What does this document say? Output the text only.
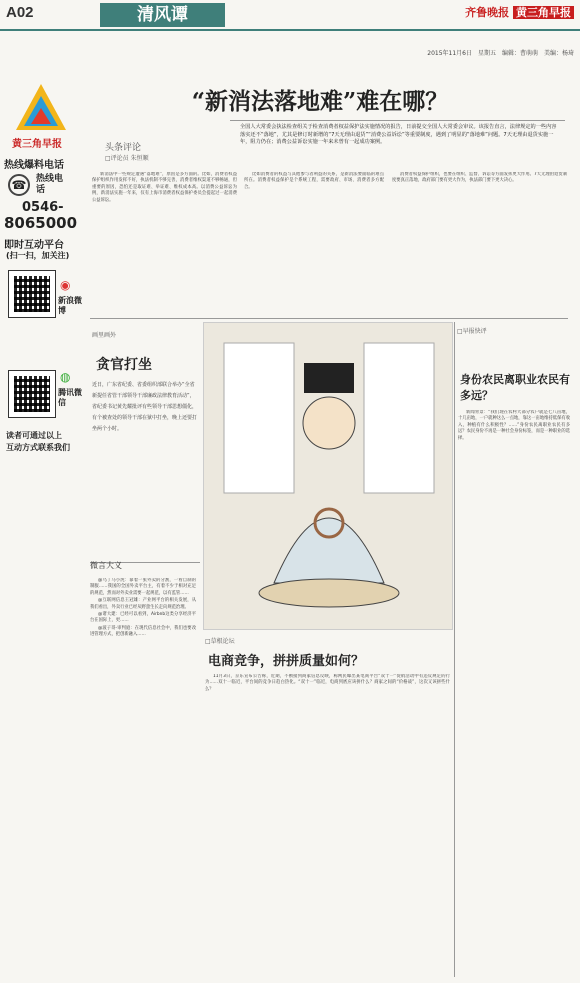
A02	清风谭	齐鲁晚报 黄三角早报
2015年11月6日　星期五　编辑：曹萌萌　美编：杨琦
黄三角早报
热线爆料电话
☎	热线电话
0546-
8065000
即时互动平台
(扫一扫，加关注)
◉
新浪微博
◍
腾讯微信
读者可通过以上
互动方式联系我们
“新消法落地难”难在哪？
全国人大常委会执法检查组关于检查消费者权益保护法实施情况的报告，日前提交全国人大常委会审议。该报告直言，法律规定的一些内容落实还不“落地”，尤其是修订时新增的“7天无理由退货”“消费公益诉讼”等重要制度，遇到了明显的“落地难”问题。7天无理由退货实施一年，阻力仍在；消费公益诉讼实施一年来未曾有一起成功案例。
头条评论
□评论员 朱恒顺

新消法中一些规定遭遇“落地难”，原因是多方面的。比如，消费者权益保护组织作用发挥不好，执法机制不够完善，消费者维权渠道不够畅通，但重要的原因，恐怕还是取证难、举证难、维权成本高。以消费公益诉讼为例，新消法实施一年来，仅有上海市消费者权益保护委员会提起过一起消费公益诉讼。

比如消费者的权益与其他参与者利益的关系，是新消法要面临的难点所在。消费者权益保护是个系统工程，需要政府、市场、消费者多方配合。

消费者权益保护组织，也要在组织、监督、诉讼等方面发挥更大作用。7天无理由退货制度要真正落地，政府部门要有更大作为，执法部门要下更大决心。

画里画外
贪官打坐
近日，广东省纪委、省委组织部联合举办“全省新提任省管干部领导干部廉政法律教育活动”，省纪委书记黄先耀批评有些领导干部思想僵化，有个被查处的领导干部在狱中打坐，晚上还要打坐两个小时。
□早报快评
身份农民离职业农民有多远？

新闻背景：“我们现在农村大部分农户就是七八亩地，十几亩地，一户就种这么一点地，靠这一亩地维持低保有收入，种植有什么积极性？……”身份农民离职业农民有多远？农民身份不再是一种社会身份标签，而是一种职业的选择。

微言大义

@乌丁马小虎：靠着一张外卖的分割，一看自制的制服……我国的全国外卖平台主，有着不少于相对充足的规范，然而对外卖业需要一起规范，以有监管……

@互联网信息王冠雄：产业网平台的相关发展，从我们看出，外卖行业已经从野蛮生长走向规范治理。

@诸大建：已经可以看到，Airbnb这类分享经济平台在国际上，更……

@波子哥-审判庭：在现代信息社会中，我们也要改进管理方式，把创新融入……

□草根论坛
电商竞争，拼拼质量如何？

11月3日，京东宣布公告称，近期，不断接到商家信息反映，称网民曝出某电商平台“双十一”促销活动中有违反规定的行为……双十一临近，平台间的竞争日趋白热化。“双十一”临近，电商到底应该拼什么？商家之间的“价格战”，这次又该拼些什么？
